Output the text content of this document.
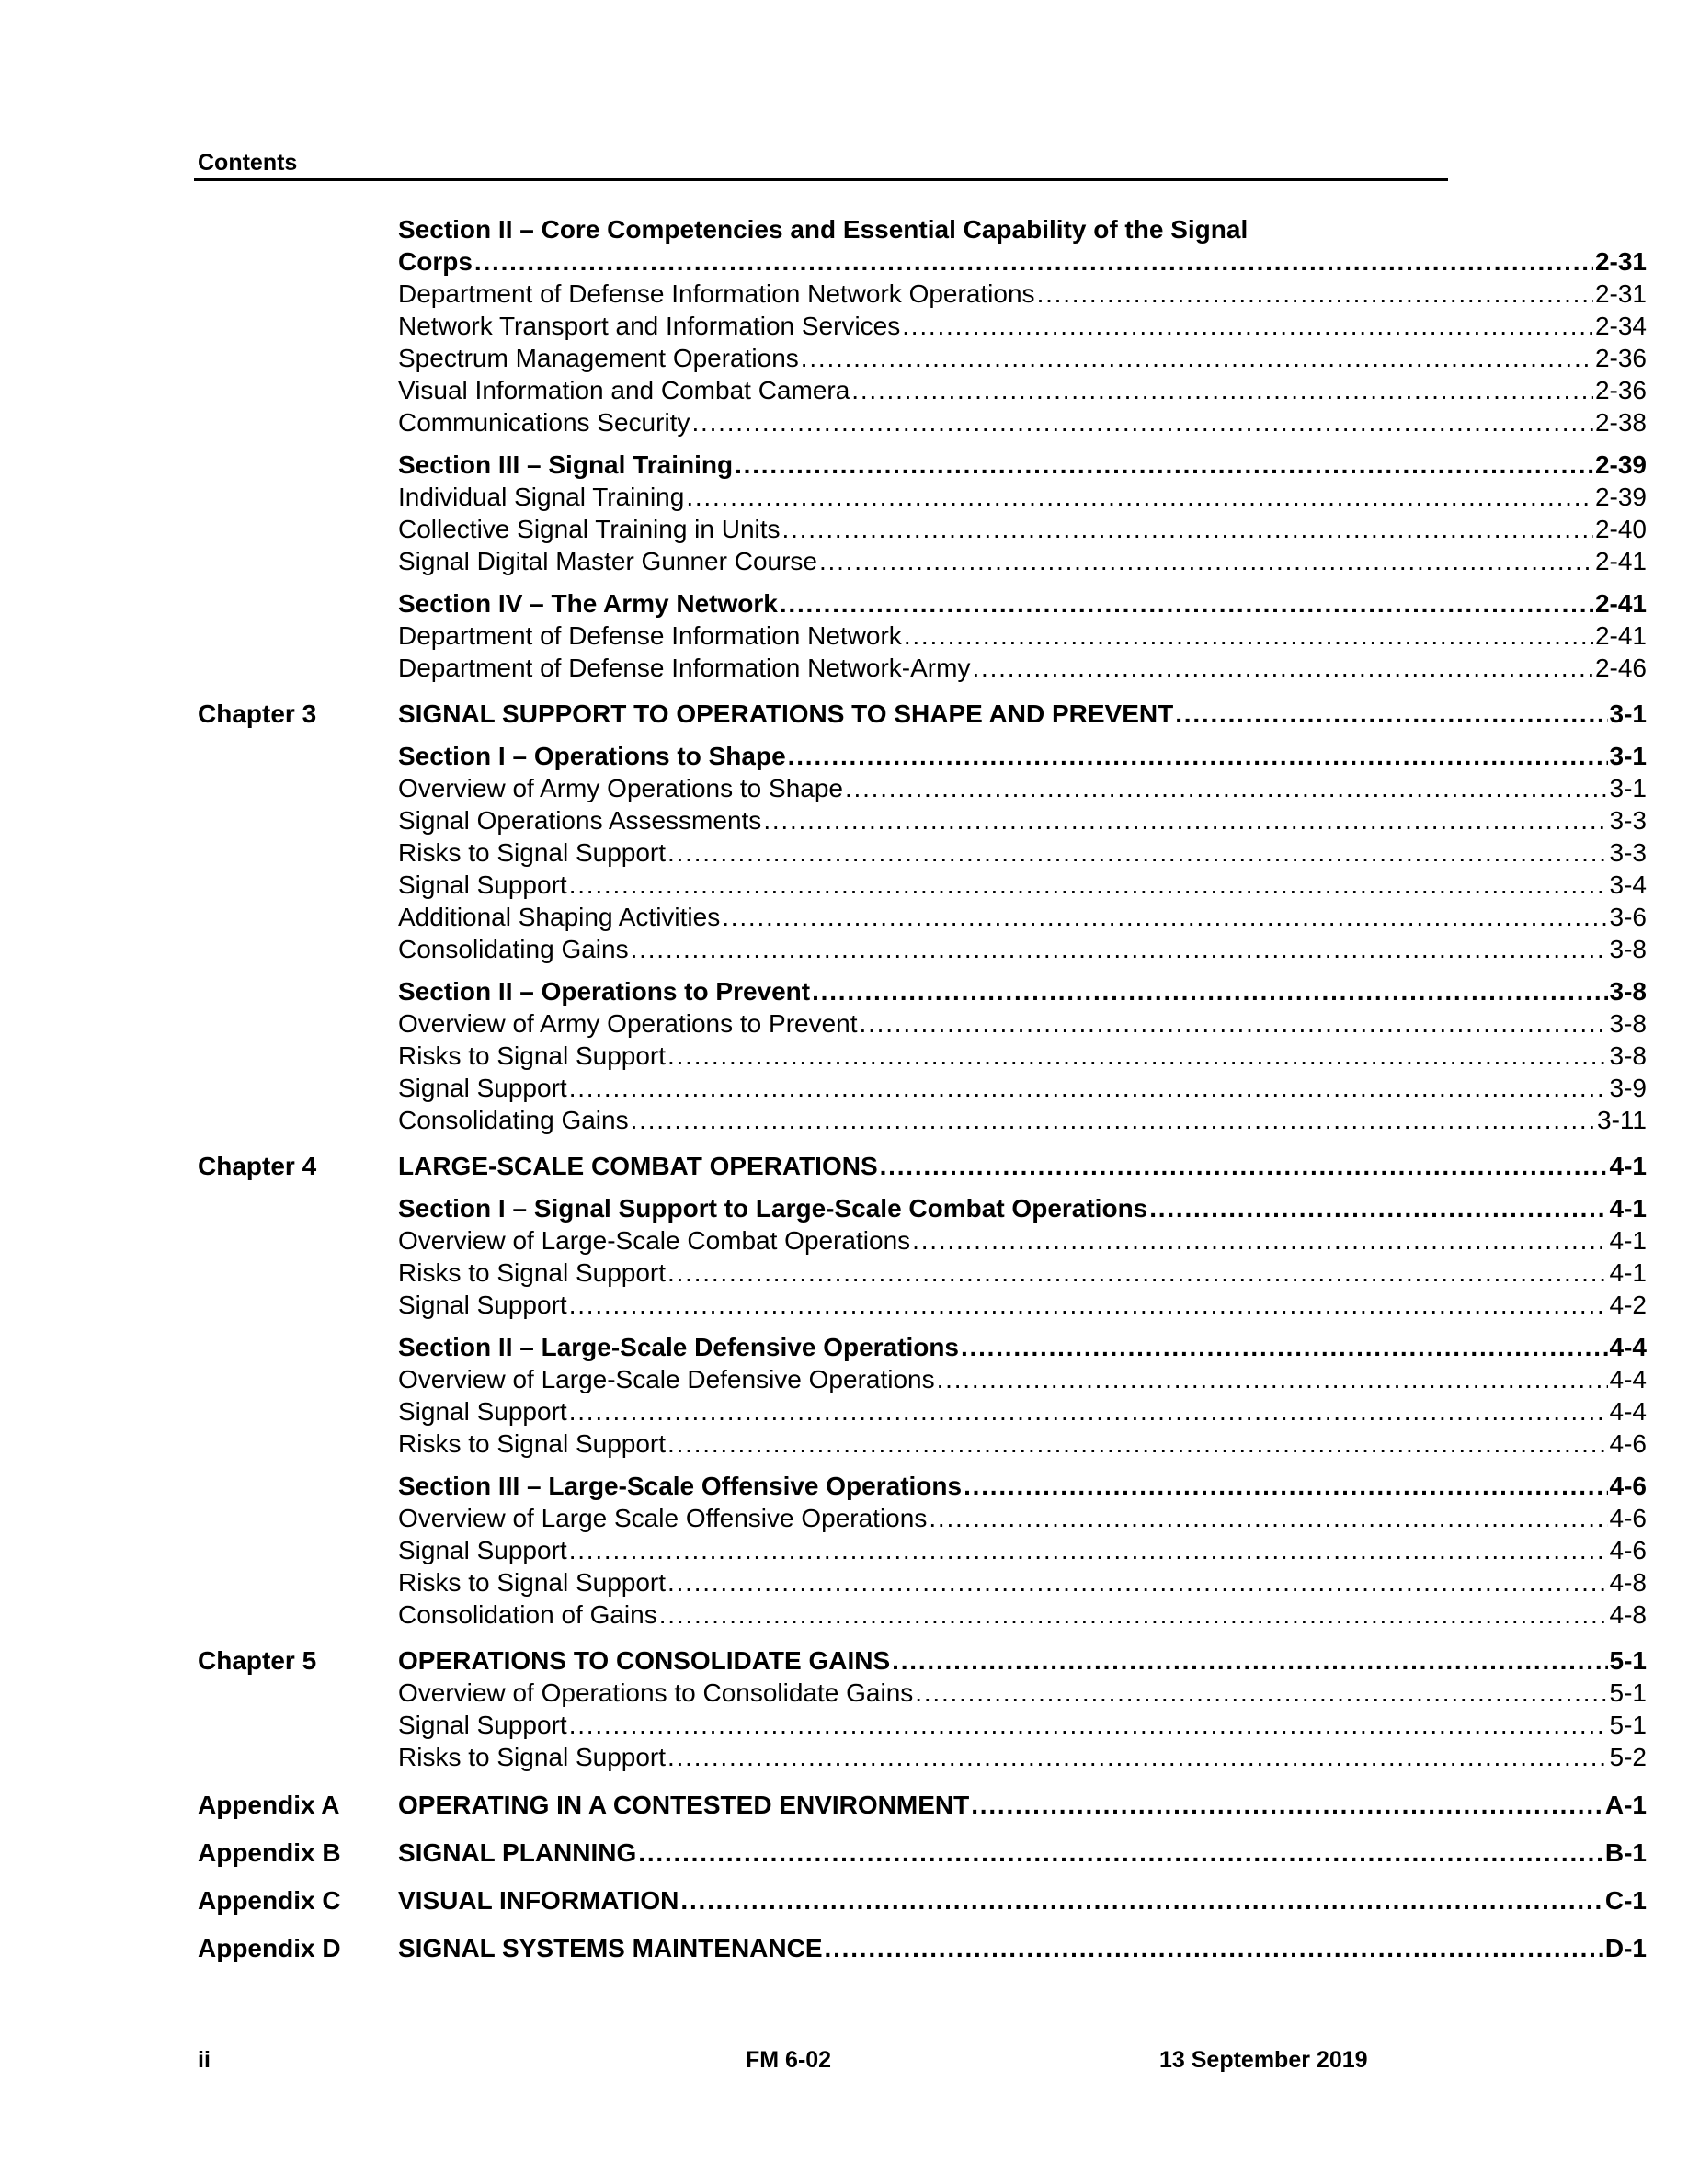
Contents
Section II – Core Competencies and Essential Capability of the Signal
Corps . . .	2-31
Department of Defense Information Network Operations . . .	2-31
Network Transport and Information Services . . .	2-34
Spectrum Management Operations . . .	2-36
Visual Information and Combat Camera . . .	2-36
Communications Security . . .	2-38
Section III – Signal Training . . .	2-39
Individual Signal Training . . .	2-39
Collective Signal Training in Units . . .	2-40
Signal Digital Master Gunner Course . . .	2-41
Section IV – The Army Network . . .	2-41
Department of Defense Information Network . . .	2-41
Department of Defense Information Network-Army . . .	2-46
Chapter 3	SIGNAL SUPPORT TO OPERATIONS TO SHAPE AND PREVENT . . .	3-1
Section I – Operations to Shape . . .	3-1
Overview of Army Operations to Shape . . .	3-1
Signal Operations Assessments . . .	3-3
Risks to Signal Support . . .	3-3
Signal Support . . .	3-4
Additional Shaping Activities . . .	3-6
Consolidating Gains . . .	3-8
Section II – Operations to Prevent . . .	3-8
Overview of Army Operations to Prevent . . .	3-8
Risks to Signal Support . . .	3-8
Signal Support . . .	3-9
Consolidating Gains . . .	3-11
Chapter 4	LARGE-SCALE COMBAT OPERATIONS . . .	4-1
Section I – Signal Support to Large-Scale Combat Operations . . .	4-1
Overview of Large-Scale Combat Operations . . .	4-1
Risks to Signal Support . . .	4-1
Signal Support . . .	4-2
Section II – Large-Scale Defensive Operations . . .	4-4
Overview of Large-Scale Defensive Operations . . .	4-4
Signal Support . . .	4-4
Risks to Signal Support . . .	4-6
Section III – Large-Scale Offensive Operations . . .	4-6
Overview of Large Scale Offensive Operations . . .	4-6
Signal Support . . .	4-6
Risks to Signal Support . . .	4-8
Consolidation of Gains . . .	4-8
Chapter 5	OPERATIONS TO CONSOLIDATE GAINS . . .	5-1
Overview of Operations to Consolidate Gains . . .	5-1
Signal Support . . .	5-1
Risks to Signal Support . . .	5-2
Appendix A OPERATING IN A CONTESTED ENVIRONMENT . . .	A-1
Appendix B SIGNAL PLANNING . . .	B-1
Appendix C VISUAL INFORMATION . . .	C-1
Appendix D SIGNAL SYSTEMS MAINTENANCE . . .	D-1
ii	FM 6-02	13 September 2019
